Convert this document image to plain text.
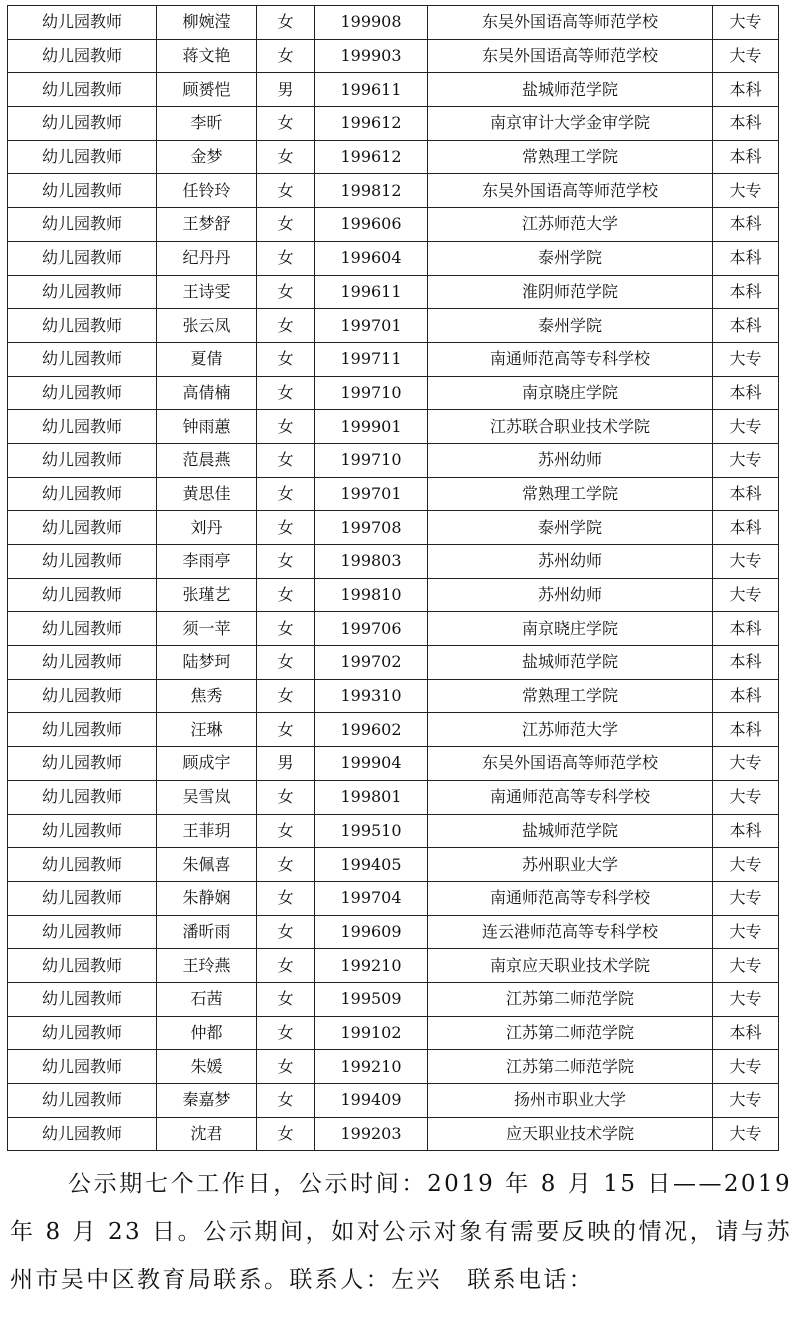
幼儿园教师	柳婉滢	女	199908	东吴外国语高等师范学校	大专
幼儿园教师	蒋文艳	女	199903	东吴外国语高等师范学校	大专
幼儿园教师	顾赟恺	男	199611	盐城师范学院	本科
幼儿园教师	李昕	女	199612	南京审计大学金审学院	本科
幼儿园教师	金梦	女	199612	常熟理工学院	本科
幼儿园教师	任铃玲	女	199812	东吴外国语高等师范学校	大专
幼儿园教师	王梦舒	女	199606	江苏师范大学	本科
幼儿园教师	纪丹丹	女	199604	泰州学院	本科
幼儿园教师	王诗雯	女	199611	淮阴师范学院	本科
幼儿园教师	张云凤	女	199701	泰州学院	本科
幼儿园教师	夏倩	女	199711	南通师范高等专科学校	大专
幼儿园教师	高倩楠	女	199710	南京晓庄学院	本科
幼儿园教师	钟雨蕙	女	199901	江苏联合职业技术学院	大专
幼儿园教师	范晨燕	女	199710	苏州幼师	大专
幼儿园教师	黄思佳	女	199701	常熟理工学院	本科
幼儿园教师	刘丹	女	199708	泰州学院	本科
幼儿园教师	李雨亭	女	199803	苏州幼师	大专
幼儿园教师	张瑾艺	女	199810	苏州幼师	大专
幼儿园教师	须一苹	女	199706	南京晓庄学院	本科
幼儿园教师	陆梦珂	女	199702	盐城师范学院	本科
幼儿园教师	焦秀	女	199310	常熟理工学院	本科
幼儿园教师	汪琳	女	199602	江苏师范大学	本科
幼儿园教师	顾成宇	男	199904	东吴外国语高等师范学校	大专
幼儿园教师	吴雪岚	女	199801	南通师范高等专科学校	大专
幼儿园教师	王菲玥	女	199510	盐城师范学院	本科
幼儿园教师	朱佩喜	女	199405	苏州职业大学	大专
幼儿园教师	朱静娴	女	199704	南通师范高等专科学校	大专
幼儿园教师	潘昕雨	女	199609	连云港师范高等专科学校	大专
幼儿园教师	王玲燕	女	199210	南京应天职业技术学院	大专
幼儿园教师	石茜	女	199509	江苏第二师范学院	大专
幼儿园教师	仲都	女	199102	江苏第二师范学院	本科
幼儿园教师	朱媛	女	199210	江苏第二师范学院	大专
幼儿园教师	秦嘉梦	女	199409	扬州市职业大学	大专
幼儿园教师	沈君	女	199203	应天职业技术学院	大专
公示期七个工作日，公示时间：2019 年 8 月 15 日——2019年 8 月 23 日。公示期间，如对公示对象有需要反映的情况，请与苏州市吴中区教育局联系。联系人：左兴　联系电话：
